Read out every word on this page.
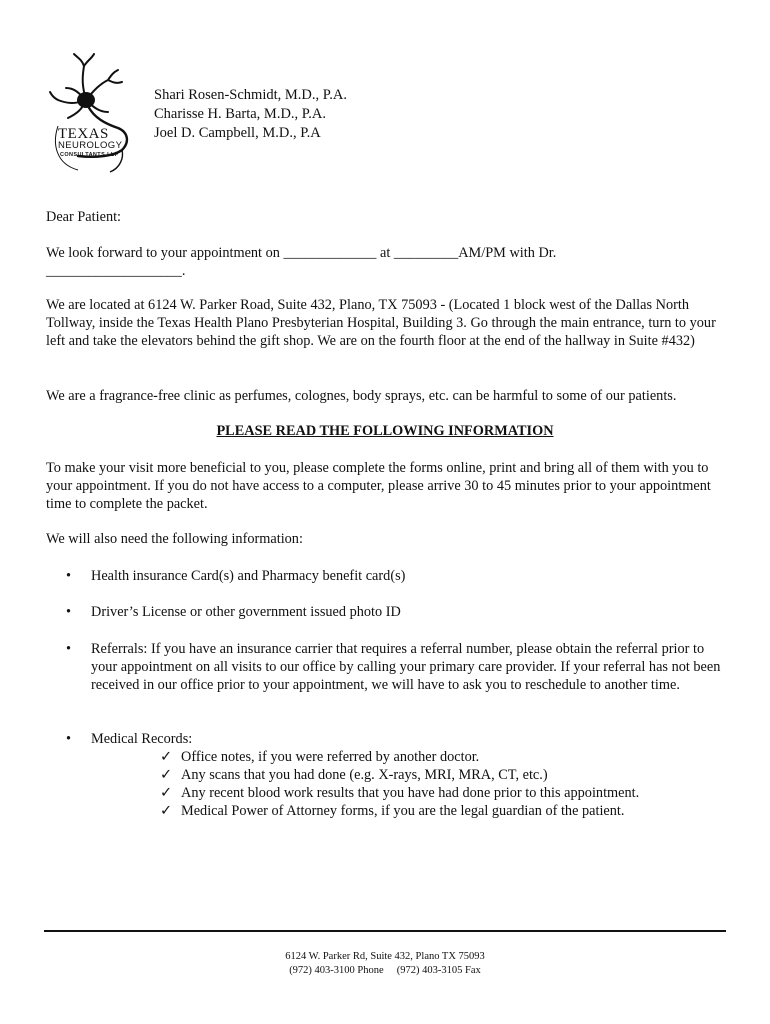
TEXAS
NEUROLOGY
CONSULTANTS LLP
Shari Rosen-Schmidt, M.D., P.A.
Charisse H. Barta, M.D., P.A.
Joel D. Campbell, M.D., P.A
Dear Patient:
We look forward to your appointment on _____________ at _________AM/PM with Dr.
___________________.
We are located at 6124 W. Parker Road, Suite 432, Plano, TX 75093 - (Located 1 block west of the Dallas North Tollway, inside the Texas Health Plano Presbyterian Hospital, Building 3. Go through the main entrance, turn to your left and take the elevators behind the gift shop. We are on the fourth floor at the end of the hallway in Suite #432)
We are a fragrance-free clinic as perfumes, colognes, body sprays, etc. can be harmful to some of our patients.
PLEASE READ THE FOLLOWING INFORMATION
To make your visit more beneficial to you, please complete the forms online, print and bring all of them with you to your appointment. If you do not have access to a computer, please arrive 30 to 45 minutes prior to your appointment time to complete the packet.
We will also need the following information:
• Health insurance Card(s) and Pharmacy benefit card(s)
• Driver’s License or other government issued photo ID
• Referrals: If you have an insurance carrier that requires a referral number, please obtain the referral prior to your appointment on all visits to our office by calling your primary care provider. If your referral has not been received in our office prior to your appointment, we will have to ask you to reschedule to another time.
• Medical Records:
✓ Office notes, if you were referred by another doctor.
✓ Any scans that you had done (e.g. X-rays, MRI, MRA, CT, etc.)
✓ Any recent blood work results that you have had done prior to this appointment.
✓ Medical Power of Attorney forms, if you are the legal guardian of the patient.
6124 W. Parker Rd, Suite 432, Plano TX 75093
(972) 403-3100 Phone     (972) 403-3105 Fax
